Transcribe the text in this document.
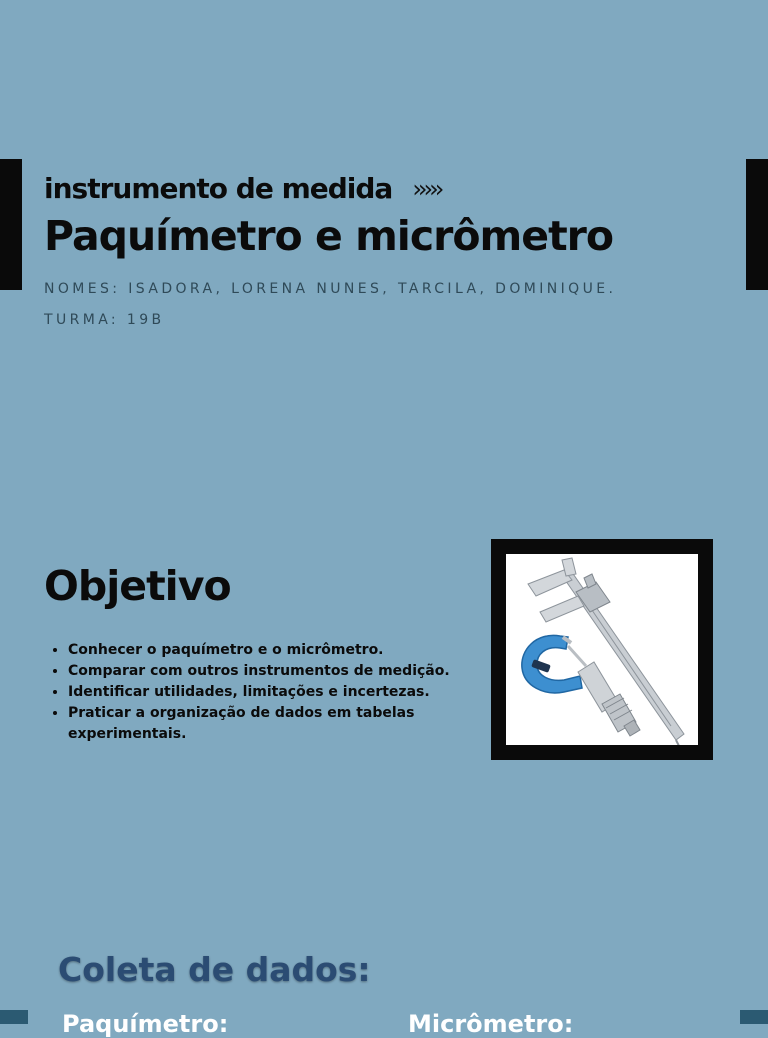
instrumento de medida ›››››
Paquímetro e micrômetro
NOMES: ISADORA, LORENA NUNES, TARCILA, DOMINIQUE.
TURMA: 19B
Objetivo
• Conhecer o paquímetro e o micrômetro.
• Comparar com outros instrumentos de medição.
• Identificar utilidades, limitações e incertezas.
• Praticar a organização de dados em tabelas experimentais.
Coleta de dados:
Paquímetro:	Micrômetro:
